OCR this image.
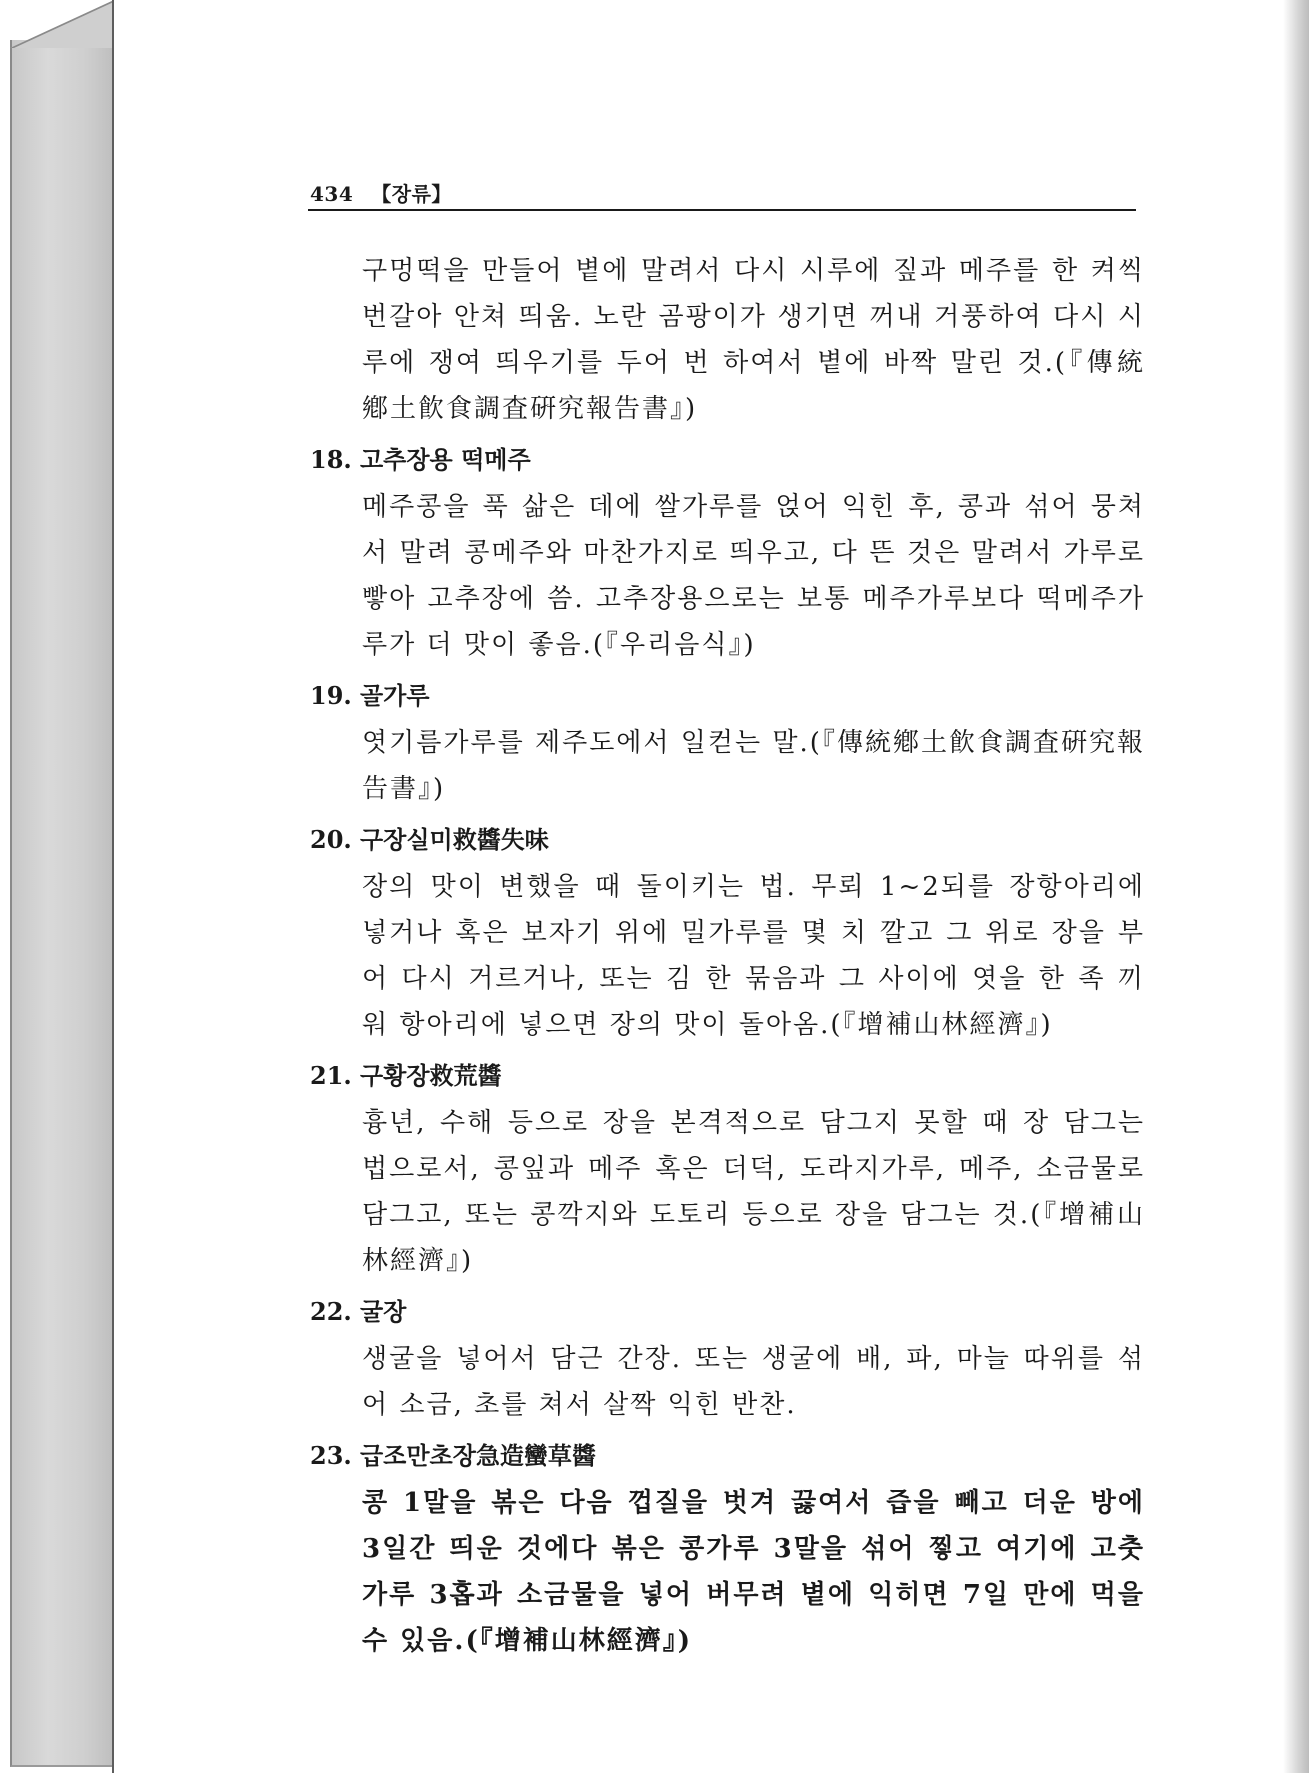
434 【장류】

구멍떡을 만들어 볕에 말려서 다시 시루에 짚과 메주를 한 켜씩 번갈아 안쳐 띄움. 노란 곰팡이가 생기면 꺼내 거풍하여 다시 시루에 쟁여 띄우기를 두어 번 하여서 볕에 바짝 말린 것.(『傳統鄕土飮食調査硏究報告書』)

18. 고추장용 떡메주

메주콩을 푹 삶은 데에 쌀가루를 얹어 익힌 후, 콩과 섞어 뭉쳐서 말려 콩메주와 마찬가지로 띄우고, 다 뜬 것은 말려서 가루로 빻아 고추장에 씀. 고추장용으로는 보통 메주가루보다 떡메주가루가 더 맛이 좋음.(『우리음식』)

19. 골가루

엿기름가루를 제주도에서 일컫는 말.(『傳統鄕土飮食調査硏究報告書』)

20. 구장실미救醬失味

장의 맛이 변했을 때 돌이키는 법. 무뢰 1~2되를 장항아리에 넣거나 혹은 보자기 위에 밀가루를 몇 치 깔고 그 위로 장을 부어 다시 거르거나, 또는 김 한 묶음과 그 사이에 엿을 한 족 끼워 항아리에 넣으면 장의 맛이 돌아옴.(『增補山林經濟』)

21. 구황장救荒醬

흉년, 수해 등으로 장을 본격적으로 담그지 못할 때 장 담그는 법으로서, 콩잎과 메주 혹은 더덕, 도라지가루, 메주, 소금물로 담그고, 또는 콩깍지와 도토리 등으로 장을 담그는 것.(『增補山林經濟』)

22. 굴장

생굴을 넣어서 담근 간장. 또는 생굴에 배, 파, 마늘 따위를 섞어 소금, 초를 쳐서 살짝 익힌 반찬.

23. 급조만초장急造蠻草醬

콩 1말을 볶은 다음 껍질을 벗겨 끓여서 즙을 빼고 더운 방에 3일간 띄운 것에다 볶은 콩가루 3말을 섞어 찧고 여기에 고춧가루 3홉과 소금물을 넣어 버무려 볕에 익히면 7일 만에 먹을 수 있음.(『增補山林經濟』)
